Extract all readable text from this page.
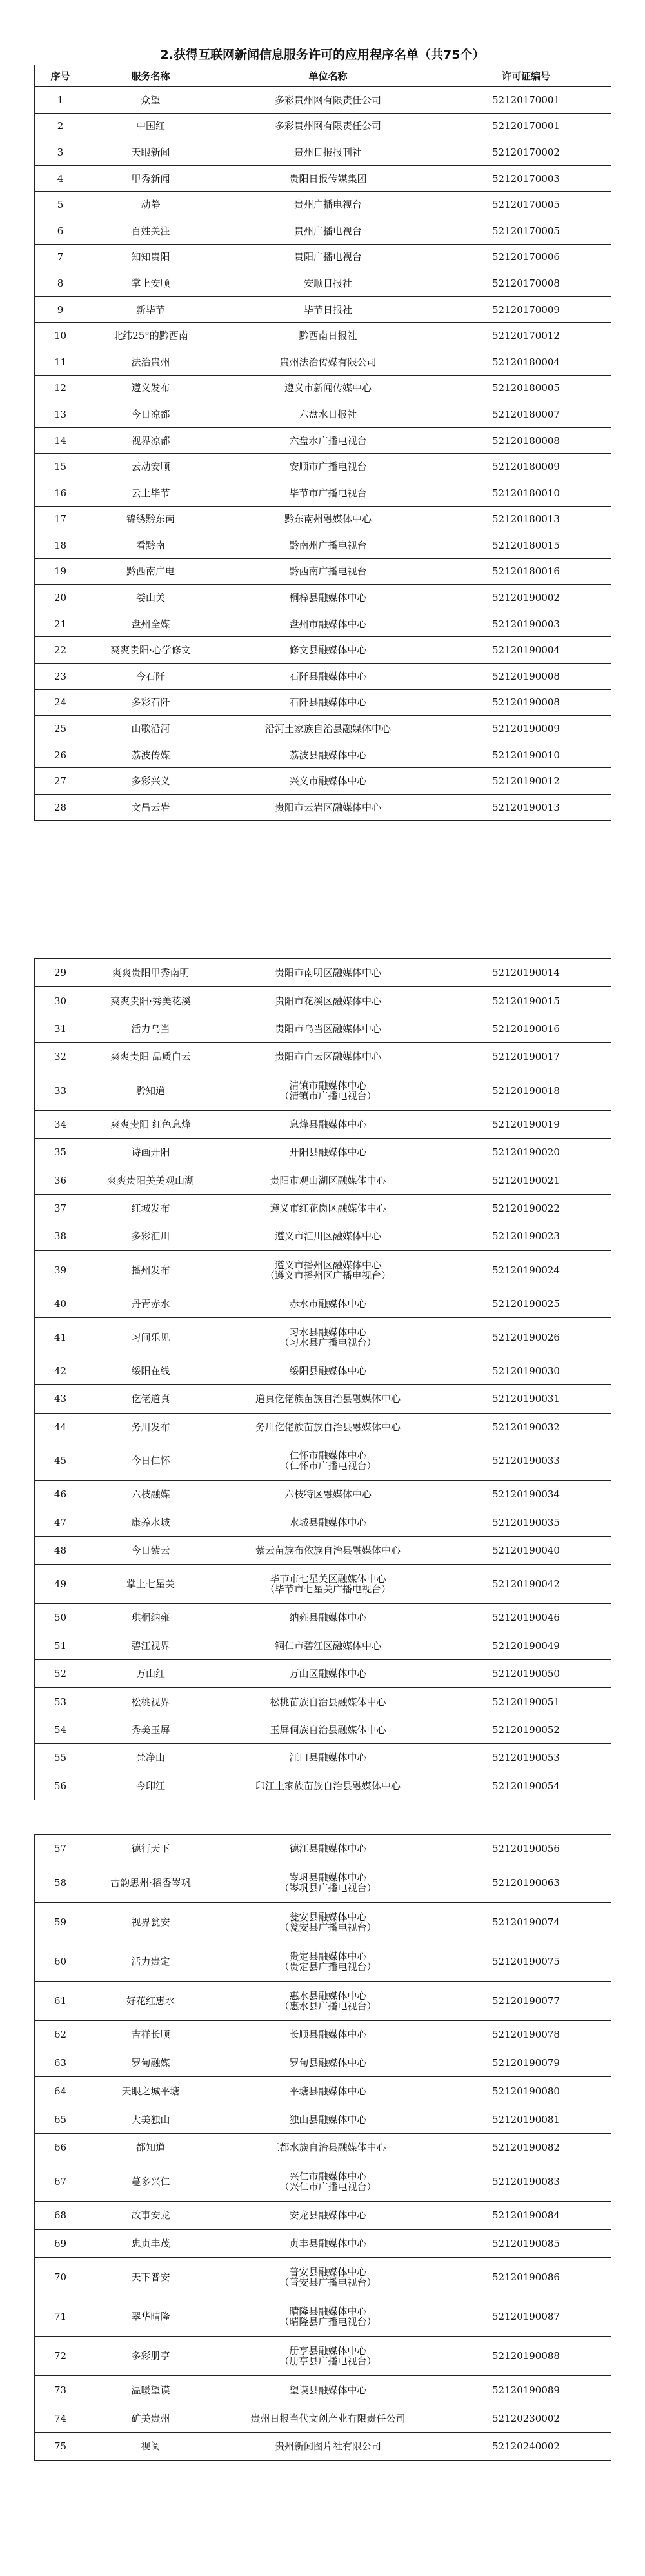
2.获得互联网新闻信息服务许可的应用程序名单（共75个）
序号	服务名称	单位名称	许可证编号
1	众望	多彩贵州网有限责任公司	52120170001
2	中国红	多彩贵州网有限责任公司	52120170001
3	天眼新闻	贵州日报报刊社	52120170002
4	甲秀新闻	贵阳日报传媒集团	52120170003
5	动静	贵州广播电视台	52120170005
6	百姓关注	贵州广播电视台	52120170005
7	知知贵阳	贵阳广播电视台	52120170006
8	掌上安顺	安顺日报社	52120170008
9	新毕节	毕节日报社	52120170009
10	北纬25°的黔西南	黔西南日报社	52120170012
11	法治贵州	贵州法治传媒有限公司	52120180004
12	遵义发布	遵义市新闻传媒中心	52120180005
13	今日凉都	六盘水日报社	52120180007
14	视界凉都	六盘水广播电视台	52120180008
15	云动安顺	安顺市广播电视台	52120180009
16	云上毕节	毕节市广播电视台	52120180010
17	锦绣黔东南	黔东南州融媒体中心	52120180013
18	看黔南	黔南州广播电视台	52120180015
19	黔西南广电	黔西南广播电视台	52120180016
20	娄山关	桐梓县融媒体中心	52120190002
21	盘州全媒	盘州市融媒体中心	52120190003
22	爽爽贵阳·心学修文	修文县融媒体中心	52120190004
23	今石阡	石阡县融媒体中心	52120190008
24	多彩石阡	石阡县融媒体中心	52120190008
25	山歌沿河	沿河土家族自治县融媒体中心	52120190009
26	荔波传媒	荔波县融媒体中心	52120190010
27	多彩兴义	兴义市融媒体中心	52120190012
28	文昌云岩	贵阳市云岩区融媒体中心	52120190013
29	爽爽贵阳甲秀南明	贵阳市南明区融媒体中心	52120190014
30	爽爽贵阳·秀美花溪	贵阳市花溪区融媒体中心	52120190015
31	活力乌当	贵阳市乌当区融媒体中心	52120190016
32	爽爽贵阳 品质白云	贵阳市白云区融媒体中心	52120190017
33	黔知道	清镇市融媒体中心
（清镇市广播电视台）	52120190018
34	爽爽贵阳 红色息烽	息烽县融媒体中心	52120190019
35	诗画开阳	开阳县融媒体中心	52120190020
36	爽爽贵阳美美观山湖	贵阳市观山湖区融媒体中心	52120190021
37	红城发布	遵义市红花岗区融媒体中心	52120190022
38	多彩汇川	遵义市汇川区融媒体中心	52120190023
39	播州发布	遵义市播州区融媒体中心
（遵义市播州区广播电视台）	52120190024
40	丹青赤水	赤水市融媒体中心	52120190025
41	习间乐见	习水县融媒体中心
（习水县广播电视台）	52120190026
42	绥阳在线	绥阳县融媒体中心	52120190030
43	仡佬道真	道真仡佬族苗族自治县融媒体中心	52120190031
44	务川发布	务川仡佬族苗族自治县融媒体中心	52120190032
45	今日仁怀	仁怀市融媒体中心
（仁怀市广播电视台）	52120190033
46	六枝融媒	六枝特区融媒体中心	52120190034
47	康养水城	水城县融媒体中心	52120190035
48	今日紫云	紫云苗族布依族自治县融媒体中心	52120190040
49	掌上七星关	毕节市七星关区融媒体中心
（毕节市七星关广播电视台）	52120190042
50	琪桐纳雍	纳雍县融媒体中心	52120190046
51	碧江视界	铜仁市碧江区融媒体中心	52120190049
52	万山红	万山区融媒体中心	52120190050
53	松桃视界	松桃苗族自治县融媒体中心	52120190051
54	秀美玉屏	玉屏侗族自治县融媒体中心	52120190052
55	梵净山	江口县融媒体中心	52120190053
56	今印江	印江土家族苗族自治县融媒体中心	52120190054
57	德行天下	德江县融媒体中心	52120190056
58	古韵思州·稻香岑巩	岑巩县融媒体中心
（岑巩县广播电视台）	52120190063
59	视界瓮安	瓮安县融媒体中心
（瓮安县广播电视台）	52120190074
60	活力贵定	贵定县融媒体中心
（贵定县广播电视台）	52120190075
61	好花红惠水	惠水县融媒体中心
（惠水县广播电视台）	52120190077
62	吉祥长顺	长顺县融媒体中心	52120190078
63	罗甸融媒	罗甸县融媒体中心	52120190079
64	天眼之城平塘	平塘县融媒体中心	52120190080
65	大美独山	独山县融媒体中心	52120190081
66	都知道	三都水族自治县融媒体中心	52120190082
67	蔓多兴仁	兴仁市融媒体中心
（兴仁市广播电视台）	52120190083
68	故事安龙	安龙县融媒体中心	52120190084
69	忠贞丰茂	贞丰县融媒体中心	52120190085
70	天下普安	普安县融媒体中心
（普安县广播电视台）	52120190086
71	翠华晴隆	晴隆县融媒体中心
（晴隆县广播电视台）	52120190087
72	多彩册亨	册亨县融媒体中心
（册亨县广播电视台）	52120190088
73	温暖望谟	望谟县融媒体中心	52120190089
74	矿美贵州	贵州日报当代文创产业有限责任公司	52120230002
75	视阅	贵州新闻图片社有限公司	52120240002
